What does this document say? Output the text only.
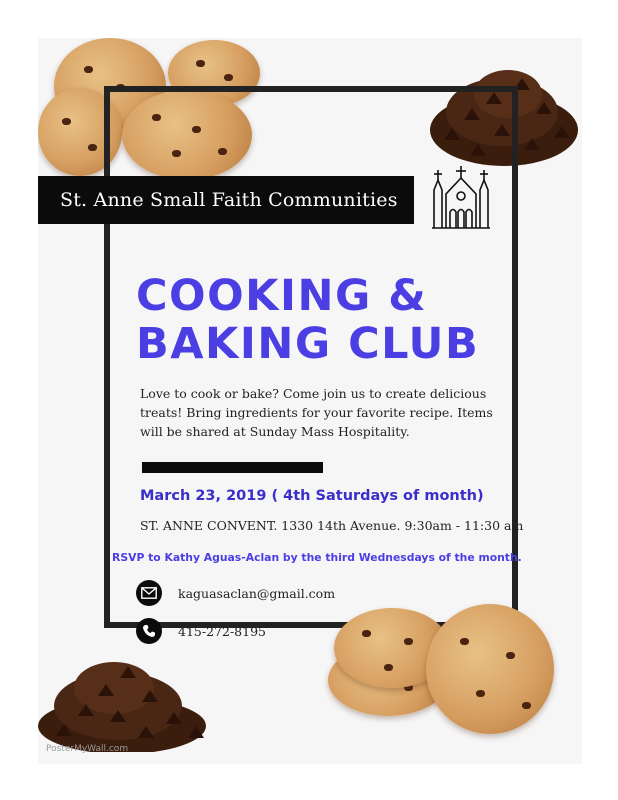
St. Anne Small Faith Communities
COOKING &
BAKING CLUB
Love to cook or bake? Come join us to create delicious
treats! Bring ingredients for your favorite recipe. Items
will be shared at Sunday Mass Hospitality.
March 23, 2019 ( 4th Saturdays of month)
ST. ANNE CONVENT. 1330 14th Avenue. 9:30am - 11:30 am
RSVP to Kathy Aguas-Aclan by the third Wednesdays of the month.
kaguasaclan@gmail.com
415-272-8195
PosterMyWall.com
